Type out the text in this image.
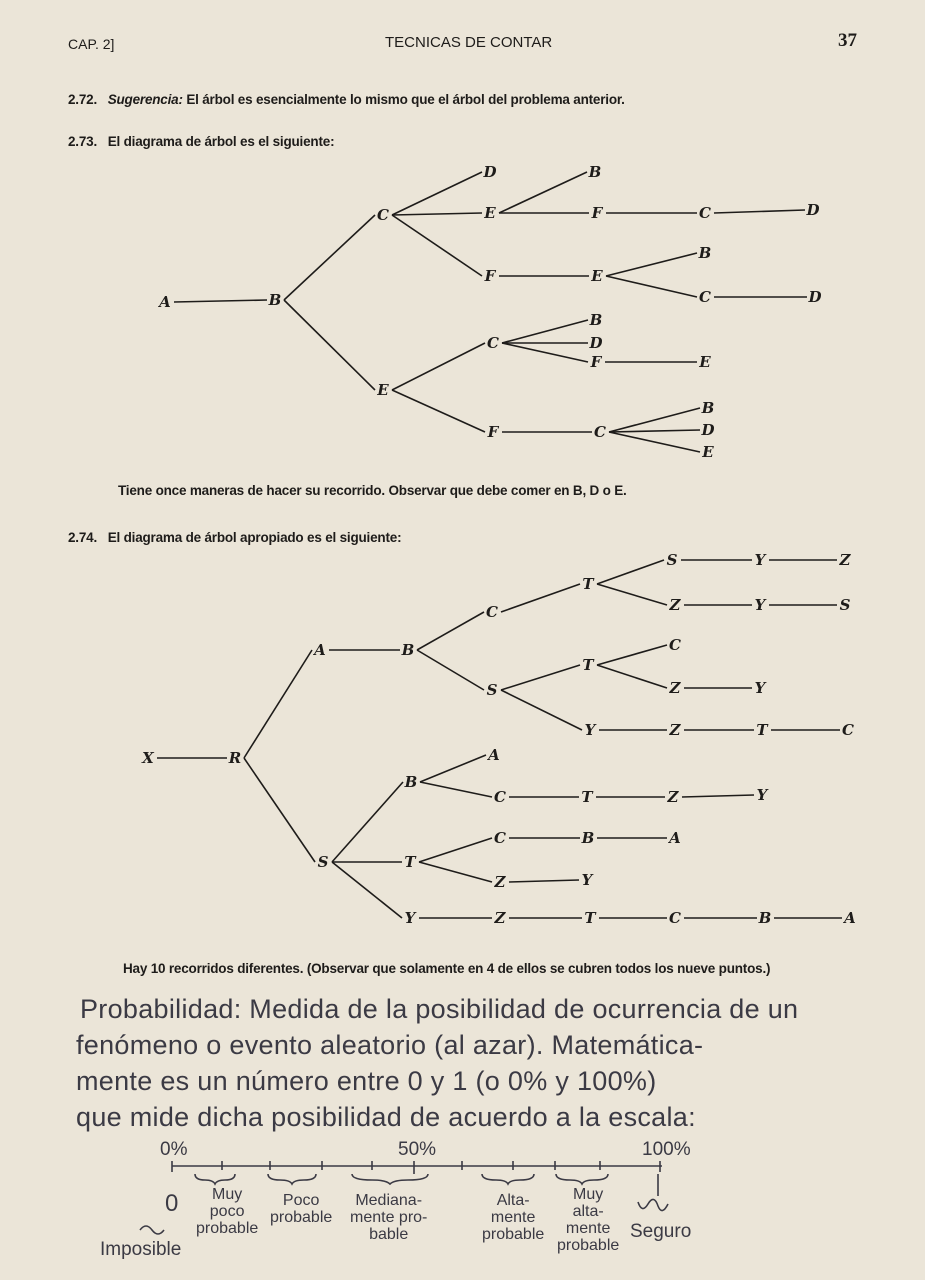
CAP. 2]	TECNICAS DE CONTAR	37
2.72. Sugerencia: El árbol es esencialmente lo mismo que el árbol del problema anterior.
2.73. El diagrama de árbol es el siguiente:
A	B
C
D
E
F
B
F	C	D
E
B
C	D
E
C
B
D
F	E
F	C
B
D
E
X	R
A	B
C
T
S	Y	Z
Z	Y	S
S
T
C
Z	Y
Y	Z	T	C
S
B
A
C	T	Z	Y
T
C	B	A
Z	Y
Y	Z	T	C	B	A
Tiene once maneras de hacer su recorrido. Observar que debe comer en B, D o E.
2.74. El diagrama de árbol apropiado es el siguiente:
Hay 10 recorridos diferentes. (Observar que solamente en 4 de ellos se cubren todos los nueve puntos.)
Probabilidad: Medida de la posibilidad de ocurrencia de un
fenómeno o evento aleatorio (al azar). Matemática-
mente es un número entre 0 y 1 (o 0% y 100%)
que mide dicha posibilidad de acuerdo a la escala:
0%	50%	100%
0
Imposible
Muy
poco
probable
Poco
probable
Mediana-
mente pro-
bable
Alta-
mente
probable
Muy
alta-
mente
probable
Seguro
